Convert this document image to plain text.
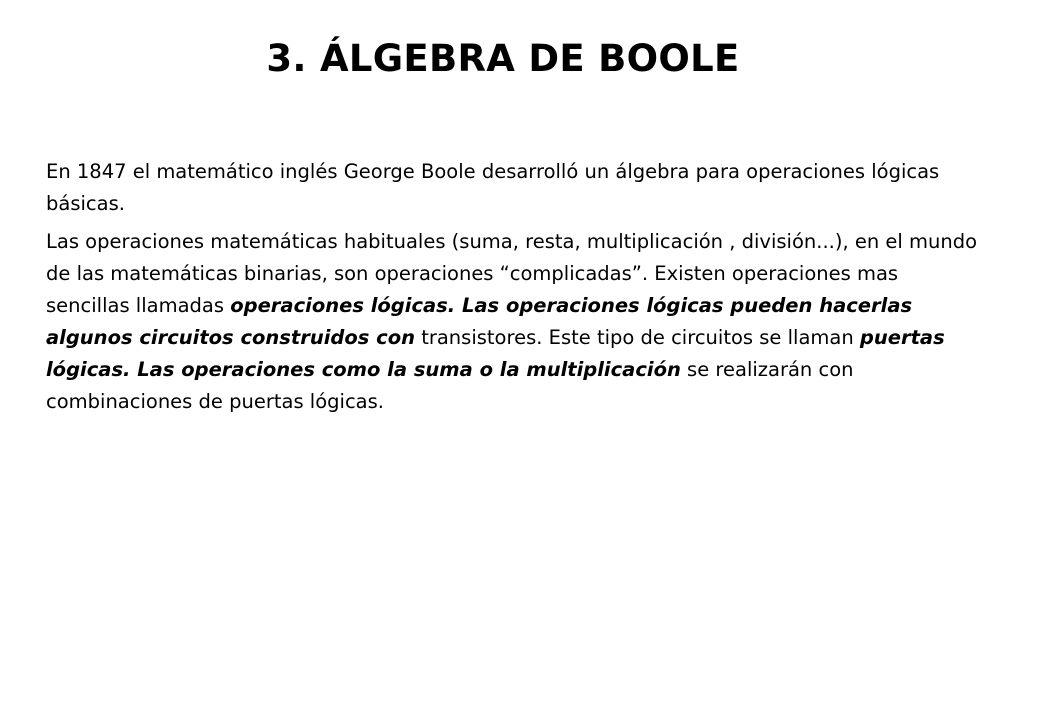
3. ÁLGEBRA DE BOOLE

En 1847 el matemático inglés George Boole desarrolló un álgebra para operaciones lógicas básicas.

Las operaciones matemáticas habituales (suma, resta, multiplicación , división...), en el mundo de las matemáticas binarias, son operaciones “complicadas”. Existen operaciones mas sencillas llamadas operaciones lógicas. Las operaciones lógicas pueden hacerlas algunos circuitos construidos con transistores. Este tipo de circuitos se llaman puertas lógicas. Las operaciones como la suma o la multiplicación se realizarán con combinaciones de puertas lógicas.
